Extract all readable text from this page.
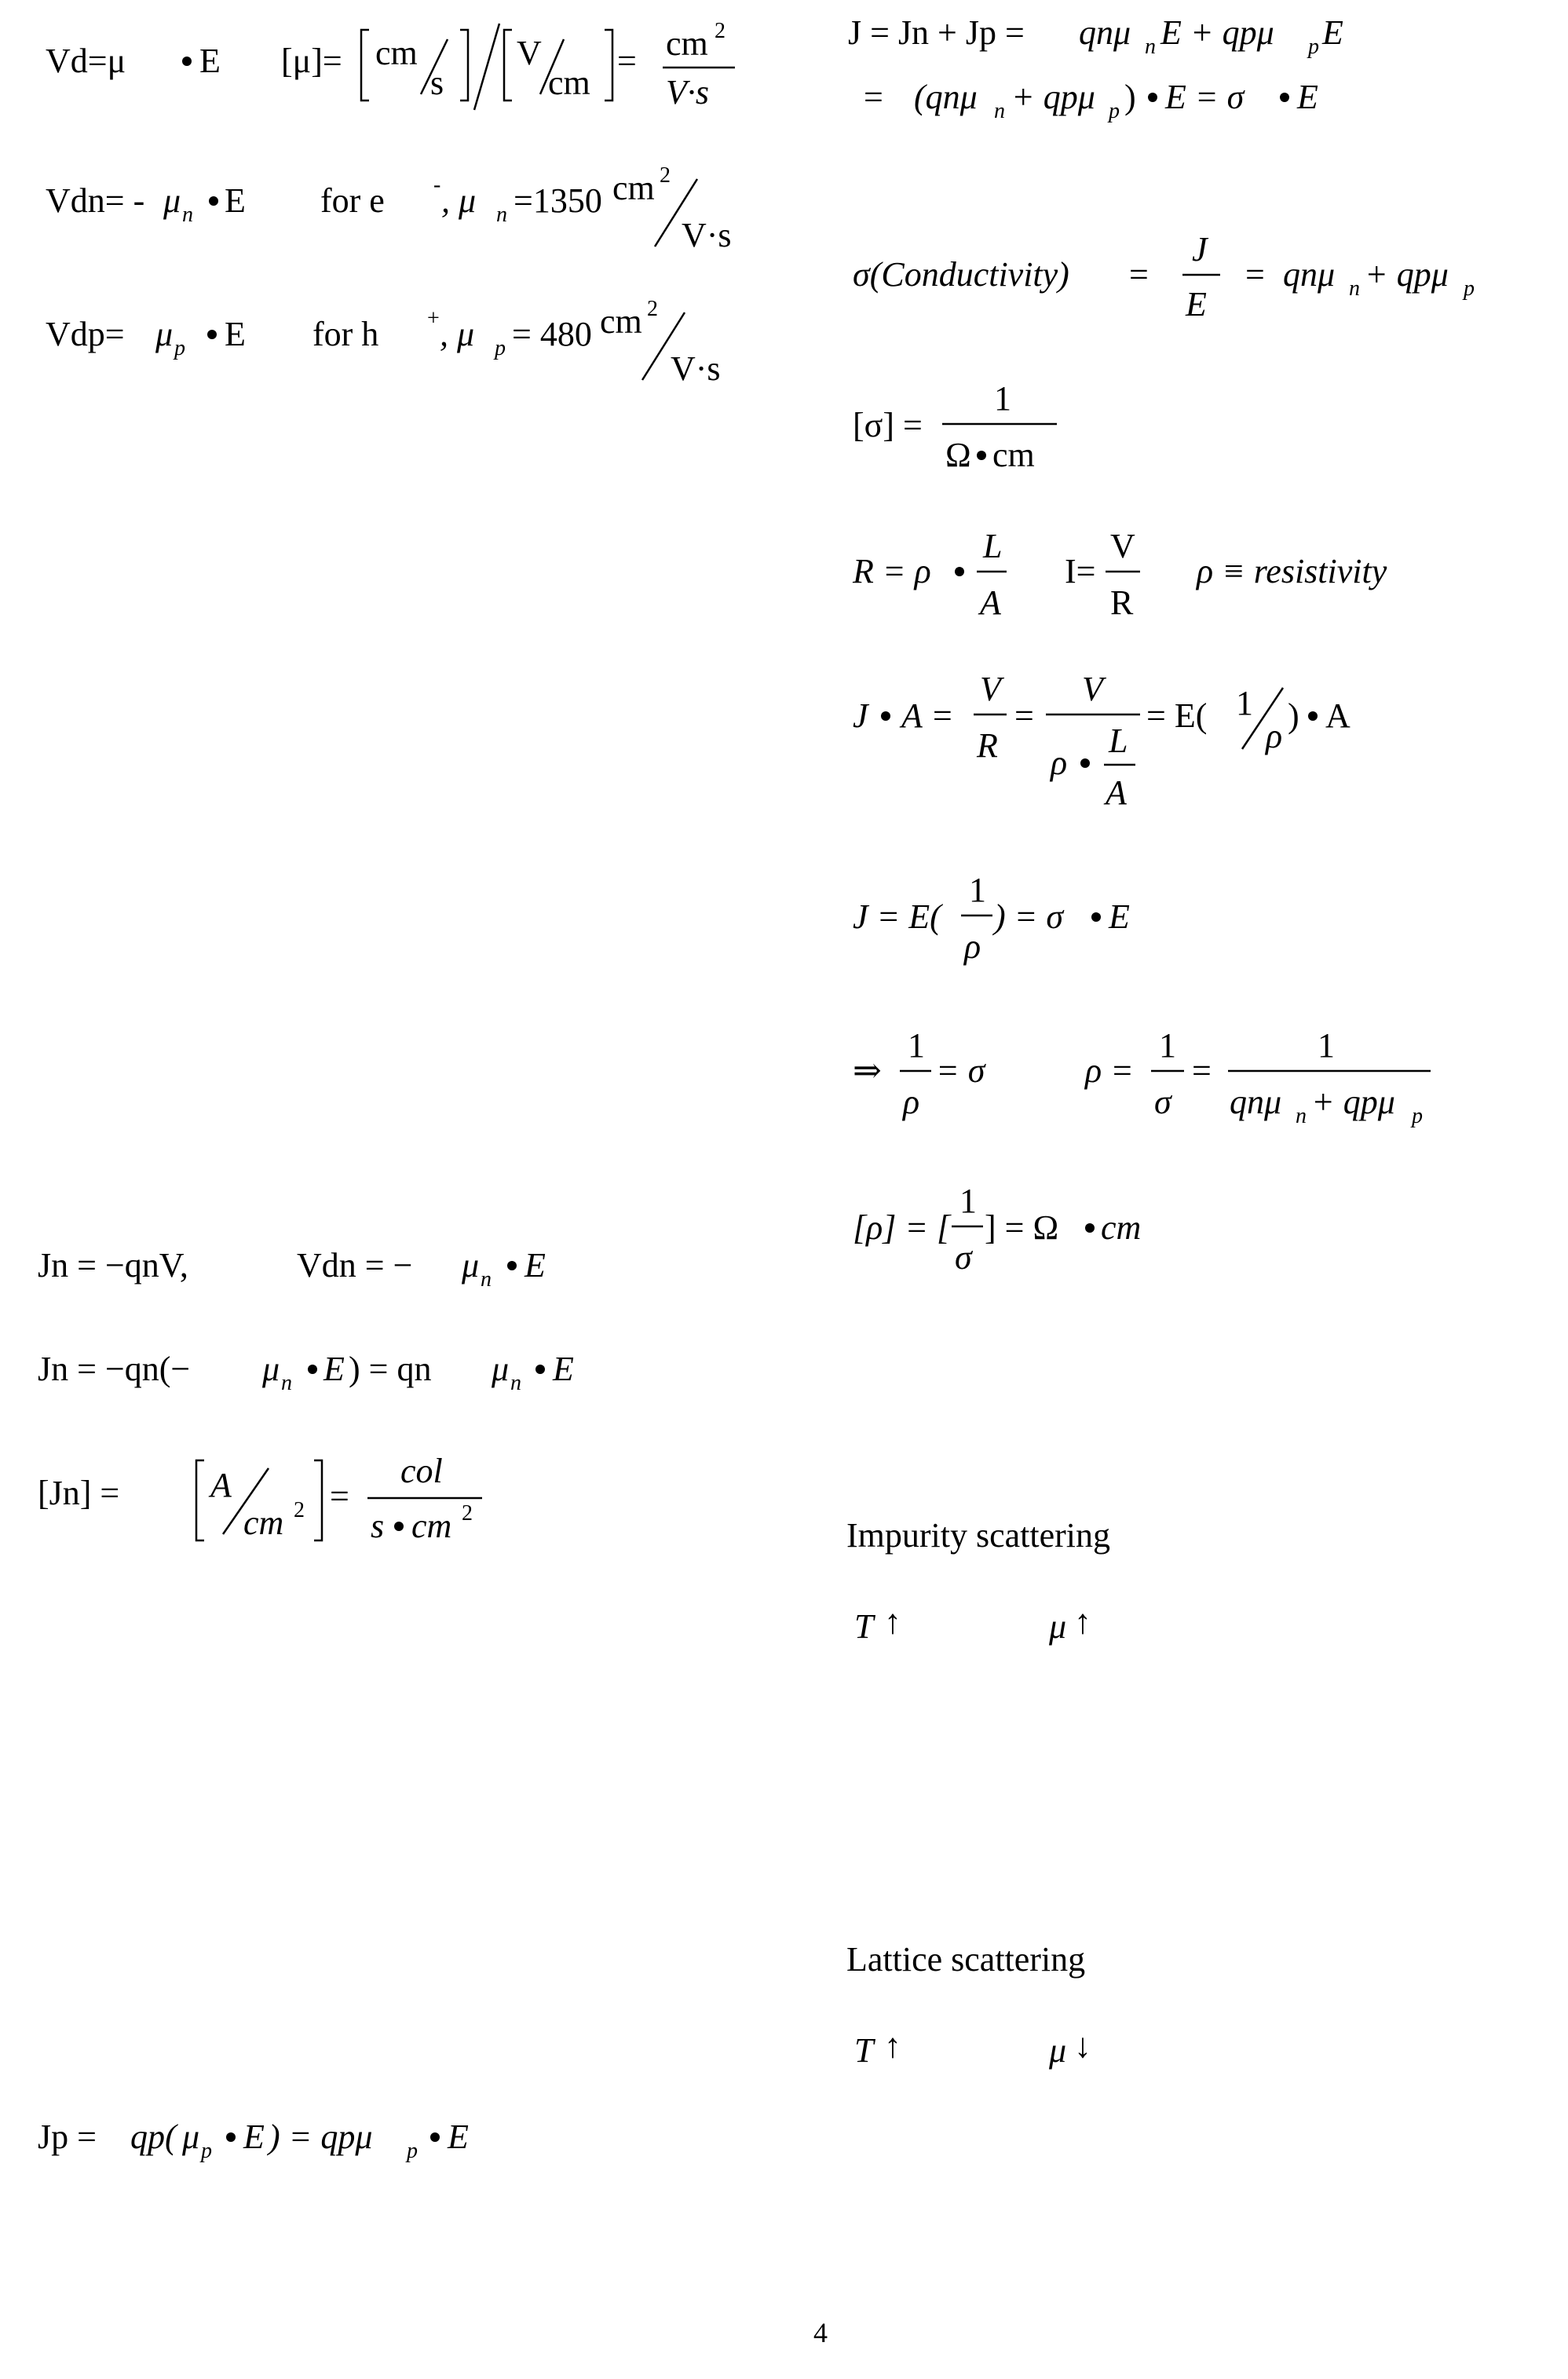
Vd=μ E [μ]= cm
s
V
cm
= cm 2
V·s
Vdn= - μ n E for e - , μ n =1350 cm 2
V·s
Vdp= μ p E for h + , μ p = 480 cm 2
V·s
Jn = −qnV,	Vdn = − μ n E
Jn = −qn(− μ n E ) = qn μ n E
[Jn] =	A
cm 2 =
col
s cm 2
Jp = qp( μ p E ) = qpμ p E
J = Jn + Jp = qnμ n E + qpμ p E
= (qnμ n + qpμ p ) E = σ E
σ(Conductivity) =
J
E
= qnμ n + qpμ p
[σ] =
1
Ω cm
R = ρ
L
A
I=
V
R
ρ ≡ resistivity
J A =
V
R
=
V
ρ
L
A
= E( 1
ρ
) A
J = E(
1
ρ
) = σ E
⇒
1
ρ
= σ	ρ =
1
σ
=
1
qnμ n + qpμ p
[ρ] = [
1
σ
] = Ω cm
Impurity scattering
T ↑	μ ↑
Lattice scattering
T ↑	μ ↓
4
